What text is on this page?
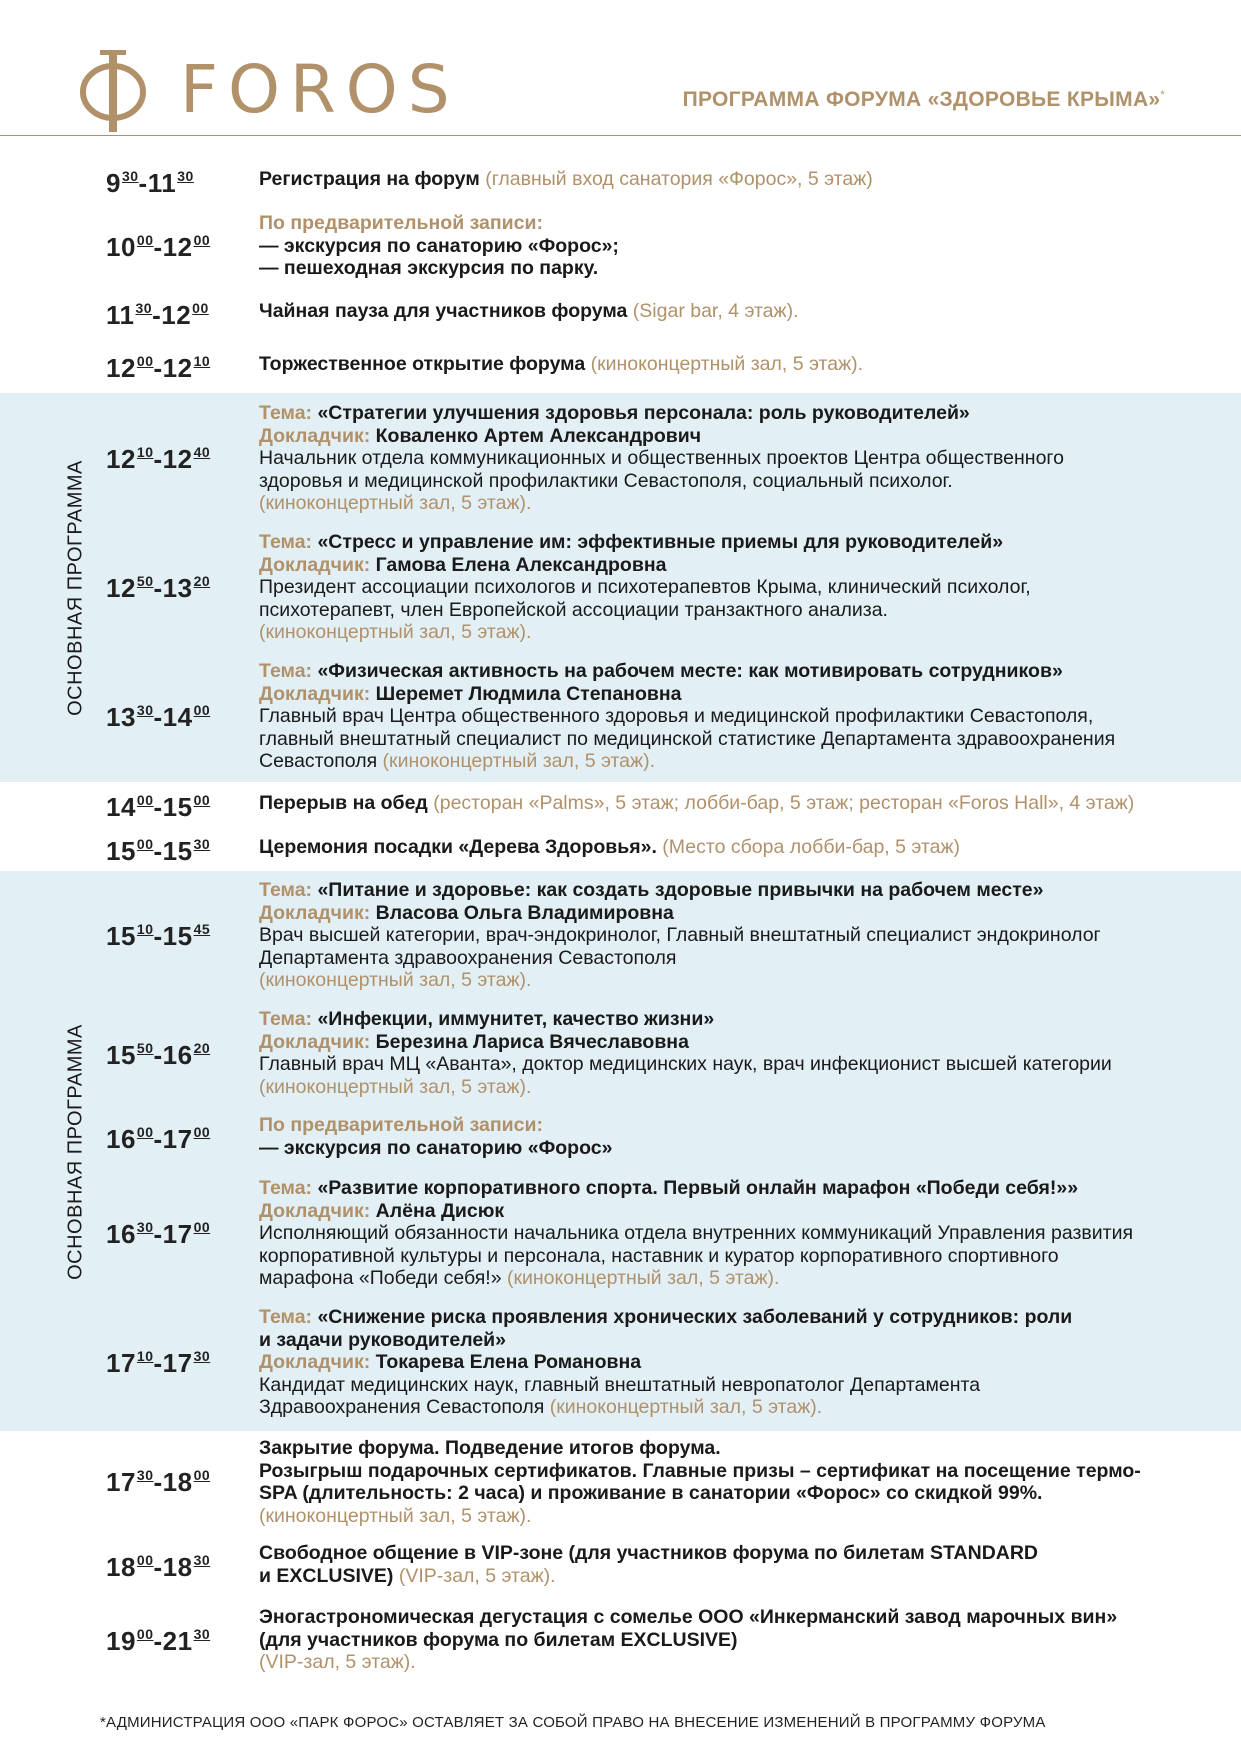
FOROS	ПРОГРАММА ФОРУМА «ЗДОРОВЬЕ КРЫМА»*
ОСНОВНАЯ ПРОГРАММА
ОСНОВНАЯ ПРОГРАММА
$9^{30}-11^{30}$	Регистрация на форум (главный вход санатория «Форос», 5 этаж)
$10^{00}-12^{00}$
По предварительной записи:
— экскурсия по санаторию «Форос»;
— пешеходная экскурсия по парку.
$11^{30}-12^{00}$	Чайная пауза для участников форума (Sigar bar, 4 этаж).
$12^{00}-12^{10}$	Торжественное открытие форума (киноконцертный зал, 5 этаж).
$12^{10}-12^{40}$
Тема: «Стратегии улучшения здоровья персонала: роль руководителей»
Докладчик: Коваленко Артем Александрович
Начальник отдела коммуникационных и общественных проектов Центра общественного
здоровья и медицинской профилактики Севастополя, социальный психолог.
(киноконцертный зал, 5 этаж).
$12^{50}-13^{20}$
Тема: «Стресс и управление им: эффективные приемы для руководителей»
Докладчик: Гамова Елена Александровна
Президент ассоциации психологов и психотерапевтов Крыма, клинический психолог,
психотерапевт, член Европейской ассоциации транзактного анализа.
(киноконцертный зал, 5 этаж).
$13^{30}-14^{00}$
Тема: «Физическая активность на рабочем месте: как мотивировать сотрудников»
Докладчик: Шеремет Людмила Степановна
Главный врач Центра общественного здоровья и медицинской профилактики Севастополя,
главный внештатный специалист по медицинской статистике Департамента здравоохранения
Севастополя (киноконцертный зал, 5 этаж).
$14^{00}-15^{00}$	Перерыв на обед (ресторан «Palms», 5 этаж; лобби-бар, 5 этаж; ресторан «Foros Hall», 4 этаж)
$15^{00}-15^{30}$	Церемония посадки «Дерева Здоровья». (Место сбора лобби-бар, 5 этаж)
$15^{10}-15^{45}$
Тема: «Питание и здоровье: как создать здоровые привычки на рабочем месте»
Докладчик: Власова Ольга Владимировна
Врач высшей категории, врач-эндокринолог, Главный внештатный специалист эндокринолог
Департамента здравоохранения Севастополя
(киноконцертный зал, 5 этаж).
$15^{50}-16^{20}$
Тема: «Инфекции, иммунитет, качество жизни»
Докладчик: Березина Лариса Вячеславовна
Главный врач МЦ «Аванта», доктор медицинских наук, врач инфекционист высшей категории
(киноконцертный зал, 5 этаж).
$16^{00}-17^{00}$	По предварительной записи:
— экскурсия по санаторию «Форос»
$16^{30}-17^{00}$
Тема: «Развитие корпоративного спорта. Первый онлайн марафон «Победи себя!»»
Докладчик: Алёна Дисюк
Исполняющий обязанности начальника отдела внутренних коммуникаций Управления развития
корпоративной культуры и персонала, наставник и куратор корпоративного спортивного
марафона «Победи себя!» (киноконцертный зал, 5 этаж).
$17^{10}-17^{30}$
Тема: «Снижение риска проявления хронических заболеваний у сотрудников: роли
и задачи руководителей»
Докладчик: Токарева Елена Романовна
Кандидат медицинских наук, главный внештатный невропатолог Департамента
Здравоохранения Севастополя (киноконцертный зал, 5 этаж).
$17^{30}-18^{00}$
Закрытие форума. Подведение итогов форума.
Розыгрыш подарочных сертификатов. Главные призы – сертификат на посещение термо-
SPA (длительность: 2 часа) и проживание в санатории «Форос» со скидкой 99%.
(киноконцертный зал, 5 этаж).
$18^{00}-18^{30}$	Свободное общение в VIP-зоне (для участников форума по билетам STANDARD
и EXCLUSIVE) (VIP-зал, 5 этаж).
$19^{00}-21^{30}$
Эногастрономическая дегустация с сомелье ООО «Инкерманский завод марочных вин»
(для участников форума по билетам EXCLUSIVE)
(VIP-зал, 5 этаж).
*АДМИНИСТРАЦИЯ ООО «ПАРК ФОРОС» ОСТАВЛЯЕТ ЗА СОБОЙ ПРАВО НА ВНЕСЕНИЕ ИЗМЕНЕНИЙ В ПРОГРАММУ ФОРУМА
